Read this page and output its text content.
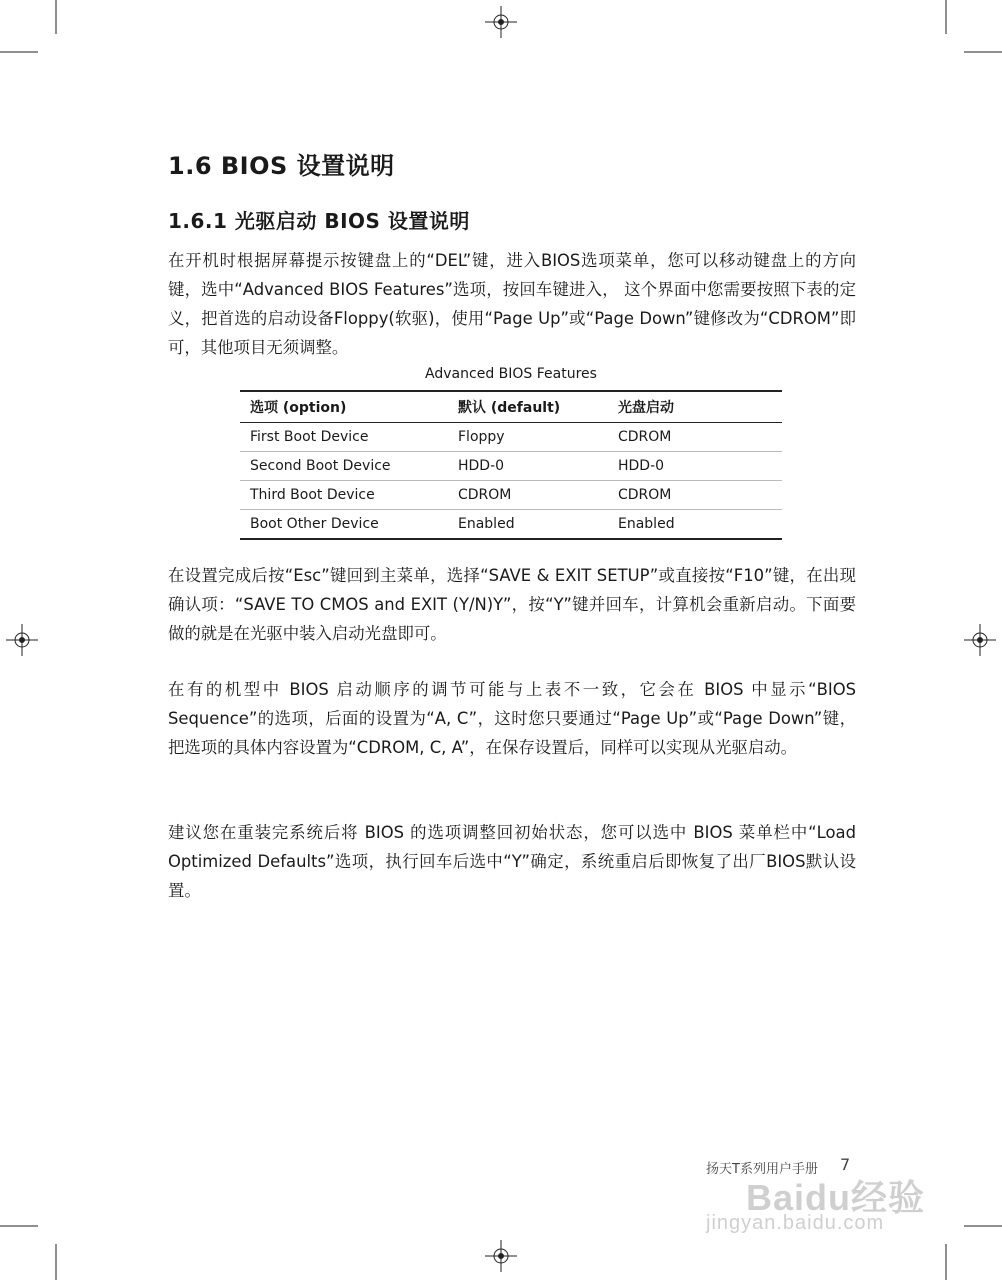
1.6 BIOS 设置说明
1.6.1 光驱启动 BIOS 设置说明

在开机时根据屏幕提示按键盘上的“DEL”键，进入BIOS选项菜单，您可以移动键盘上的方向键，选中“Advanced BIOS Features”选项，按回车键进入， 这个界面中您需要按照下表的定义，把首选的启动设备Floppy(软驱)，使用“Page Up”或“Page Down”键修改为“CDROM”即可，其他项目无须调整。

Advanced BIOS Features
选项 (option)	默认 (default)	光盘启动
First Boot Device	Floppy	CDROM
Second Boot Device	HDD-0	HDD-0
Third Boot Device	CDROM	CDROM
Boot Other Device	Enabled	Enabled

在设置完成后按“Esc”键回到主菜单，选择“SAVE & EXIT SETUP”或直接按“F10”键，在出现确认项：“SAVE TO CMOS and EXIT (Y/N)Y”，按“Y”键并回车，计算机会重新启动。下面要做的就是在光驱中装入启动光盘即可。

在有的机型中 BIOS 启动顺序的调节可能与上表不一致，它会在 BIOS 中显示“BIOS Sequence”的选项，后面的设置为“A, C”，这时您只要通过“Page Up”或“Page Down”键，把选项的具体内容设置为“CDROM, C, A”，在保存设置后，同样可以实现从光驱启动。

建议您在重装完系统后将 BIOS 的选项调整回初始状态，您可以选中 BIOS 菜单栏中“Load Optimized Defaults”选项，执行回车后选中“Y”确定，系统重启后即恢复了出厂BIOS默认设置。

扬天T系列用户手册 7
Baidu经验
jingyan.baidu.com
